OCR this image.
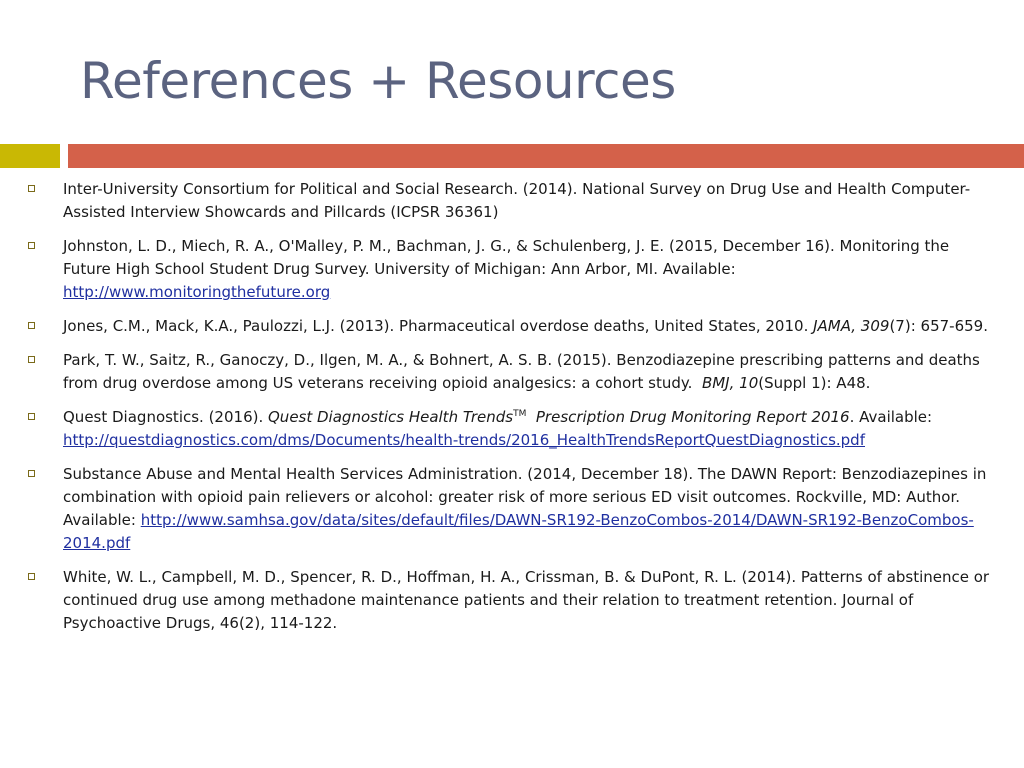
References + Resources
Inter-University Consortium for Political and Social Research. (2014). National Survey on Drug Use and Health Computer-Assisted Interview Showcards and Pillcards (ICPSR 36361)
Johnston, L. D., Miech, R. A., O'Malley, P. M., Bachman, J. G., & Schulenberg, J. E. (2015, December 16). Monitoring the Future High School Student Drug Survey. University of Michigan: Ann Arbor, MI. Available: http://www.monitoringthefuture.org
Jones, C.M., Mack, K.A., Paulozzi, L.J. (2013). Pharmaceutical overdose deaths, United States, 2010. JAMA, 309(7): 657-659.
Park, T. W., Saitz, R., Ganoczy, D., Ilgen, M. A., & Bohnert, A. S. B. (2015). Benzodiazepine prescribing patterns and deaths from drug overdose among US veterans receiving opioid analgesics: a cohort study.  BMJ, 10(Suppl 1): A48.
Quest Diagnostics. (2016). Quest Diagnostics Health Trends™  Prescription Drug Monitoring Report 2016. Available: http://questdiagnostics.com/dms/Documents/health-trends/2016_HealthTrendsReportQuestDiagnostics.pdf
Substance Abuse and Mental Health Services Administration. (2014, December 18). The DAWN Report: Benzodiazepines in combination with opioid pain relievers or alcohol: greater risk of more serious ED visit outcomes. Rockville, MD: Author. Available: http://www.samhsa.gov/data/sites/default/files/DAWN-SR192-BenzoCombos-2014/DAWN-SR192-BenzoCombos-2014.pdf
White, W. L., Campbell, M. D., Spencer, R. D., Hoffman, H. A., Crissman, B. & DuPont, R. L. (2014). Patterns of abstinence or continued drug use among methadone maintenance patients and their relation to treatment retention. Journal of Psychoactive Drugs, 46(2), 114-122.
